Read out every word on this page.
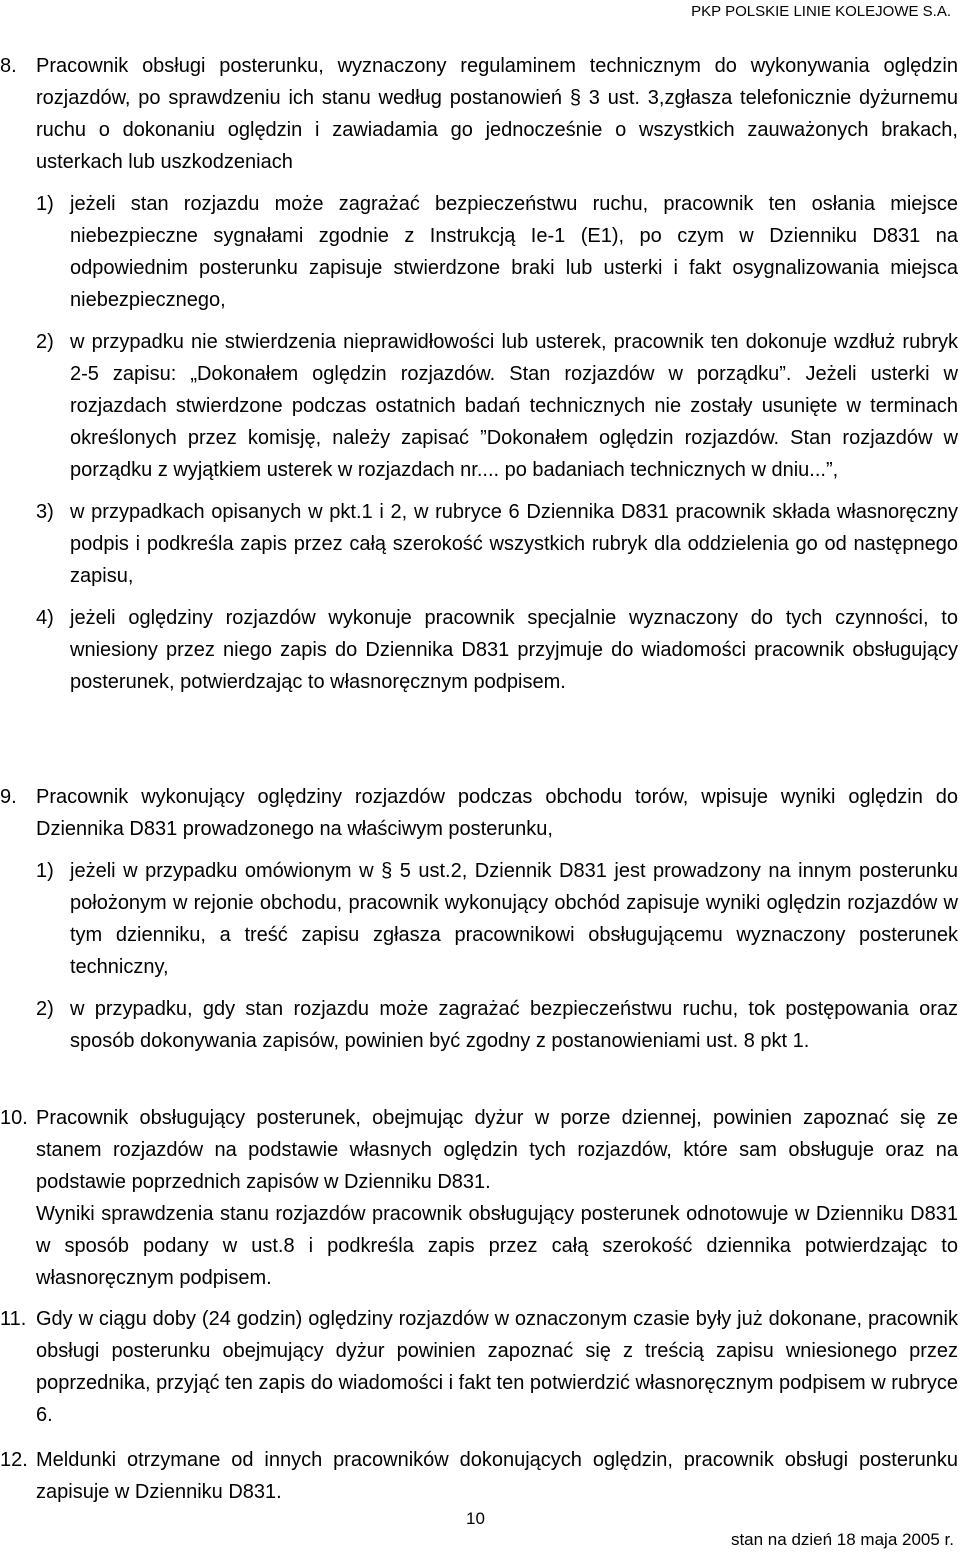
PKP POLSKIE LINIE KOLEJOWE S.A.
8. Pracownik obsługi posterunku, wyznaczony regulaminem technicznym do wykonywania oględzin rozjazdów, po sprawdzeniu ich stanu według postanowień § 3 ust. 3,zgłasza telefonicznie dyżurnemu ruchu o dokonaniu oględzin i zawiadamia go jednocześnie o wszystkich zauważonych brakach, usterkach lub uszkodzeniach
1) jeżeli stan rozjazdu może zagrażać bezpieczeństwu ruchu, pracownik ten osłania miejsce niebezpieczne sygnałami zgodnie z Instrukcją Ie-1 (E1), po czym w Dzienniku D831 na odpowiednim posterunku zapisuje stwierdzone braki lub usterki i fakt osygnalizowania miejsca niebezpiecznego,
2) w przypadku nie stwierdzenia nieprawidłowości lub usterek, pracownik ten dokonuje wzdłuż rubryk 2-5 zapisu: „Dokonałem oględzin rozjazdów. Stan rozjazdów w porządku”. Jeżeli usterki w rozjazdach stwierdzone podczas ostatnich badań technicznych nie zostały usunięte w terminach określonych przez komisję, należy zapisać ”Dokonałem oględzin rozjazdów. Stan rozjazdów w porządku z wyjątkiem usterek w rozjazdach nr.... po badaniach technicznych w dniu...”,
3) w przypadkach opisanych w pkt.1 i 2, w rubryce 6 Dziennika D831 pracownik składa własnoręczny podpis i podkreśla zapis przez całą szerokość wszystkich rubryk dla oddzielenia go od następnego zapisu,
4) jeżeli oględziny rozjazdów wykonuje pracownik specjalnie wyznaczony do tych czynności, to wniesiony przez niego zapis do Dziennika D831 przyjmuje do wiadomości pracownik obsługujący posterunek, potwierdzając to własnoręcznym podpisem.
9. Pracownik wykonujący oględziny rozjazdów podczas obchodu torów, wpisuje wyniki oględzin do Dziennika D831 prowadzonego na właściwym posterunku,
1) jeżeli w przypadku omówionym w § 5 ust.2, Dziennik D831 jest prowadzony na innym posterunku położonym w rejonie obchodu, pracownik wykonujący obchód zapisuje wyniki oględzin rozjazdów w tym dzienniku, a treść zapisu zgłasza pracownikowi obsługującemu wyznaczony posterunek techniczny,
2) w przypadku, gdy stan rozjazdu może zagrażać bezpieczeństwu ruchu, tok postępowania oraz sposób dokonywania zapisów, powinien być zgodny z postanowieniami ust. 8 pkt 1.
10. Pracownik obsługujący posterunek, obejmując dyżur w porze dziennej, powinien zapoznać się ze stanem rozjazdów na podstawie własnych oględzin tych rozjazdów, które sam obsługuje oraz na podstawie poprzednich zapisów w Dzienniku D831.
Wyniki sprawdzenia stanu rozjazdów pracownik obsługujący posterunek odnotowuje w Dzienniku D831 w sposób podany w ust.8 i podkreśla zapis przez całą szerokość dziennika potwierdzając to własnoręcznym podpisem.
11. Gdy w ciągu doby (24 godzin) oględziny rozjazdów w oznaczonym czasie były już dokonane, pracownik obsługi posterunku obejmujący dyżur powinien zapoznać się z treścią zapisu wniesionego przez poprzednika, przyjąć ten zapis do wiadomości i fakt ten potwierdzić własnoręcznym podpisem w rubryce 6.
12. Meldunki otrzymane od innych pracowników dokonujących oględzin, pracownik obsługi posterunku zapisuje w Dzienniku D831.
10
stan na dzień 18 maja 2005 r.
